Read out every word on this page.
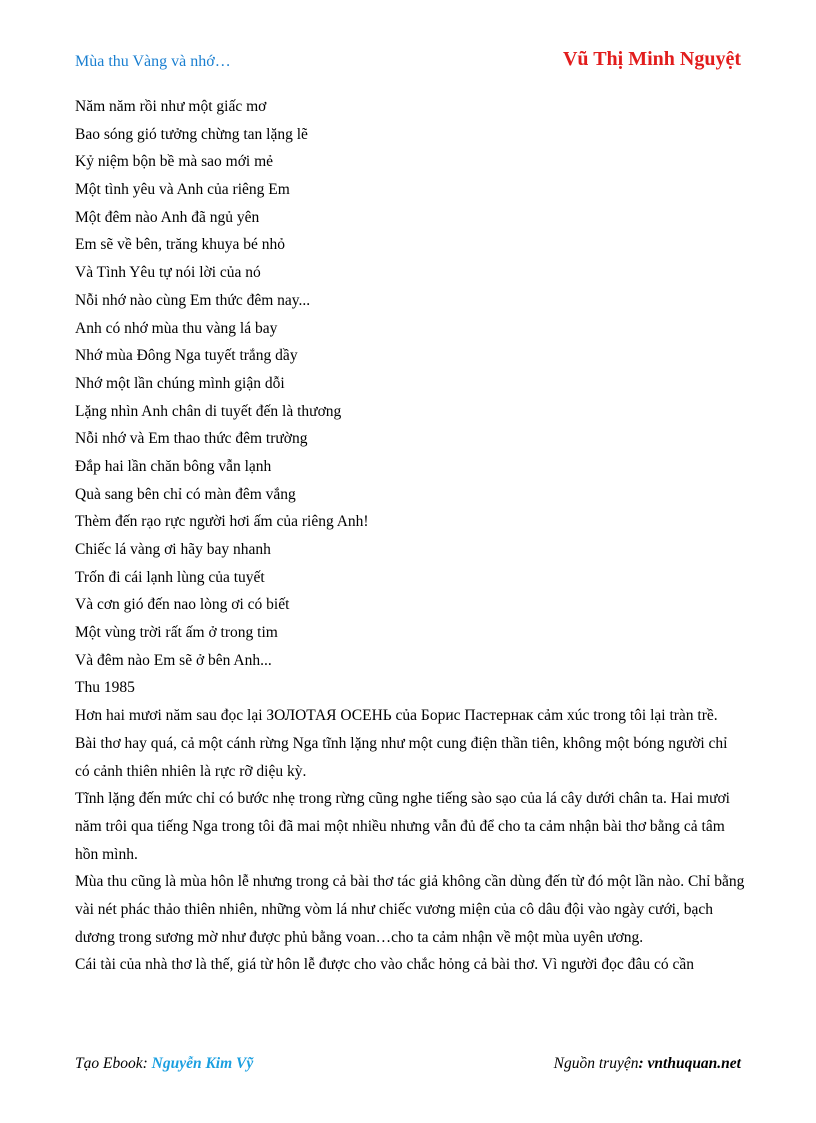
Mùa thu Vàng và nhớ…	Vũ Thị Minh Nguyệt
Năm năm rồi như một giấc mơ
Bao sóng gió tưởng chừng tan lặng lẽ
Kỷ niệm bộn bề mà sao mới mẻ
Một tình yêu và Anh của riêng Em
Một đêm nào Anh đã ngủ yên
Em sẽ về bên, trăng khuya bé nhỏ
Và Tình Yêu tự nói lời của nó
Nỗi nhớ nào cùng Em thức đêm nay...
Anh có nhớ mùa thu vàng lá bay
Nhớ mùa Đông Nga tuyết trắng dầy
Nhớ một lần chúng mình giận dỗi
Lặng nhìn Anh chân di tuyết đến là thương
Nỗi nhớ và Em thao thức đêm trường
Đắp hai lần chăn bông vẫn lạnh
Quà sang bên chỉ có màn đêm vắng
Thèm đến rạo rực người hơi ấm của riêng Anh!
Chiếc lá vàng ơi hãy bay nhanh
Trốn đi cái lạnh lùng của tuyết
Và cơn gió đến nao lòng ơi có biết
Một vùng trời rất ấm ở trong tim
Và đêm nào Em sẽ ở bên Anh...
Thu 1985
Hơn hai mươi năm sau đọc lại ЗОЛОТАЯ ОСЕНЬ của Борис Пастернак cảm xúc trong tôi lại tràn trề.
Bài thơ hay quá, cả một cánh rừng Nga tĩnh lặng như một cung điện thần tiên, không một bóng người chỉ có cảnh thiên nhiên là rực rỡ diệu kỳ.
Tĩnh lặng đến mức chỉ có bước nhẹ trong rừng cũng nghe tiếng sào sạo của lá cây dưới chân ta. Hai mươi năm trôi qua tiếng Nga trong tôi đã mai một nhiều nhưng vẫn đủ để cho ta cảm nhận bài thơ bằng cả tâm hồn mình.
Mùa thu cũng là mùa hôn lễ nhưng trong cả bài thơ tác giả không cần dùng đến từ đó một lần nào. Chỉ bằng vài nét phác thảo thiên nhiên, những vòm lá như chiếc vương miện của cô dâu đội vào ngày cưới, bạch dương trong sương mờ như được phủ bằng voan…cho ta cảm nhận về một mùa uyên ương.
Cái tài của nhà thơ là thế, giá từ hôn lễ được cho vào chắc hỏng cả bài thơ. Vì người đọc đâu có cần
Tạo Ebook: Nguyễn Kim Vỹ	Nguồn truyện: vnthuquan.net
